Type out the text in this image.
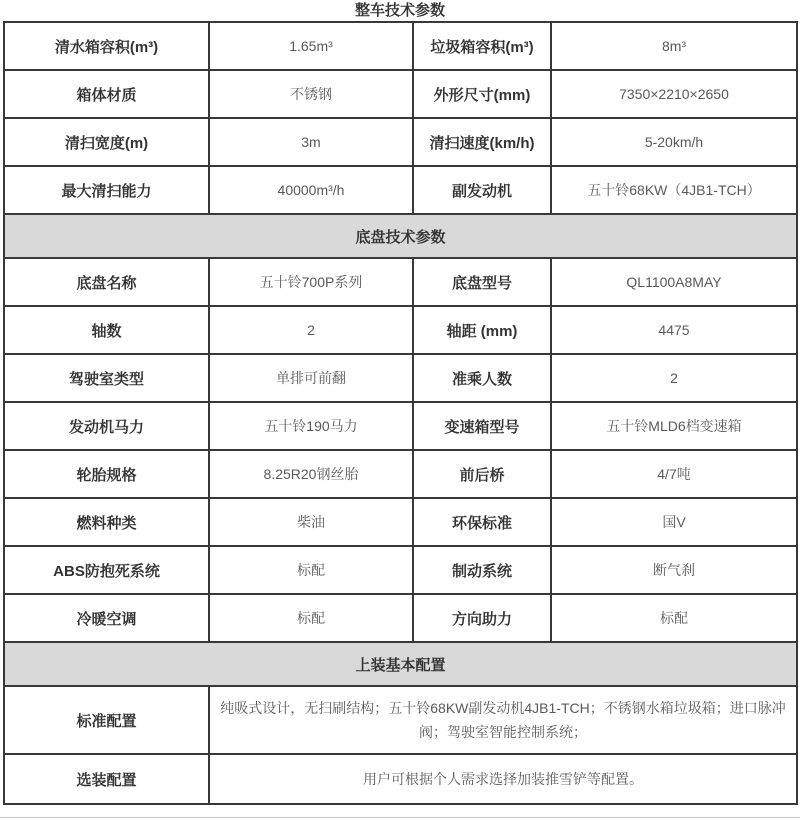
整车技术参数
清水箱容积(m³)	1.65m³	垃圾箱容积(m³)	8m³
箱体材质	不锈钢	外形尺寸(mm)	7350×2210×2650
清扫宽度(m)	3m	清扫速度(km/h)	5-20km/h
最大清扫能力	40000m³/h	副发动机	五十铃68KW（4JB1-TCH）
底盘技术参数			
底盘名称	五十铃700P系列	底盘型号	QL1100A8MAY
轴数	2	轴距 (mm)	4475
驾驶室类型	单排可前翻	准乘人数	2
发动机马力	五十铃190马力	变速箱型号	五十铃MLD6档变速箱
轮胎规格	8.25R20钢丝胎	前后桥	4/7吨
燃料种类	柴油	环保标准	国V
ABS防抱死系统	标配	制动系统	断气刹
冷暖空调	标配	方向助力	标配
上装基本配置			
标准配置	纯吸式设计，无扫刷结构；五十铃68KW副发动机4JB1-TCH；不锈钢水箱垃圾箱；进口脉冲阀；驾驶室智能控制系统；		
选装配置	用户可根据个人需求选择加装推雪铲等配置。		
